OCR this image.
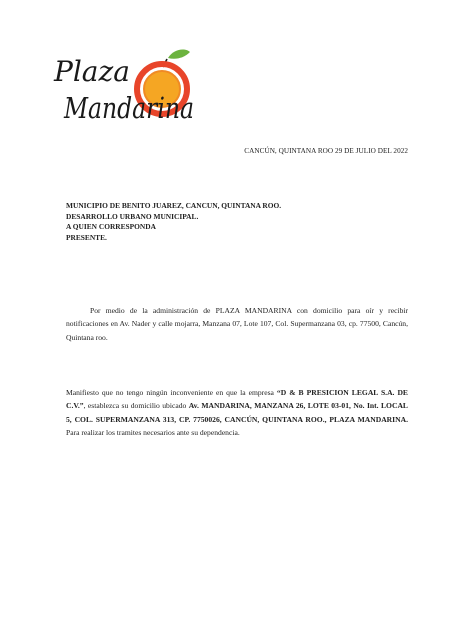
Plaza
Mandarina
CANCÚN, QUINTANA ROO 29 DE JULIO DEL 2022
MUNICIPIO DE BENITO JUAREZ, CANCUN, QUINTANA ROO.
DESARROLLO URBANO MUNICIPAL.
A QUIEN CORRESPONDA
PRESENTE.
Por medio de la administración de PLAZA MANDARINA con domicilio para oír y recibir notificaciones en Av. Nader y calle mojarra, Manzana 07, Lote 107, Col. Supermanzana 03, cp. 77500, Cancún, Quintana roo.
Manifiesto que no tengo ningún inconveniente en que la empresa “D & B PRESICION LEGAL S.A. DE C.V.”, establezca su domicilio ubicado Av. MANDARINA, MANZANA 26, LOTE 03-01, No. Int. LOCAL 5, COL. SUPERMANZANA 313, CP. 7750026, CANCÚN, QUINTANA ROO., PLAZA MANDARINA. Para realizar los tramites necesarios ante su dependencia.
